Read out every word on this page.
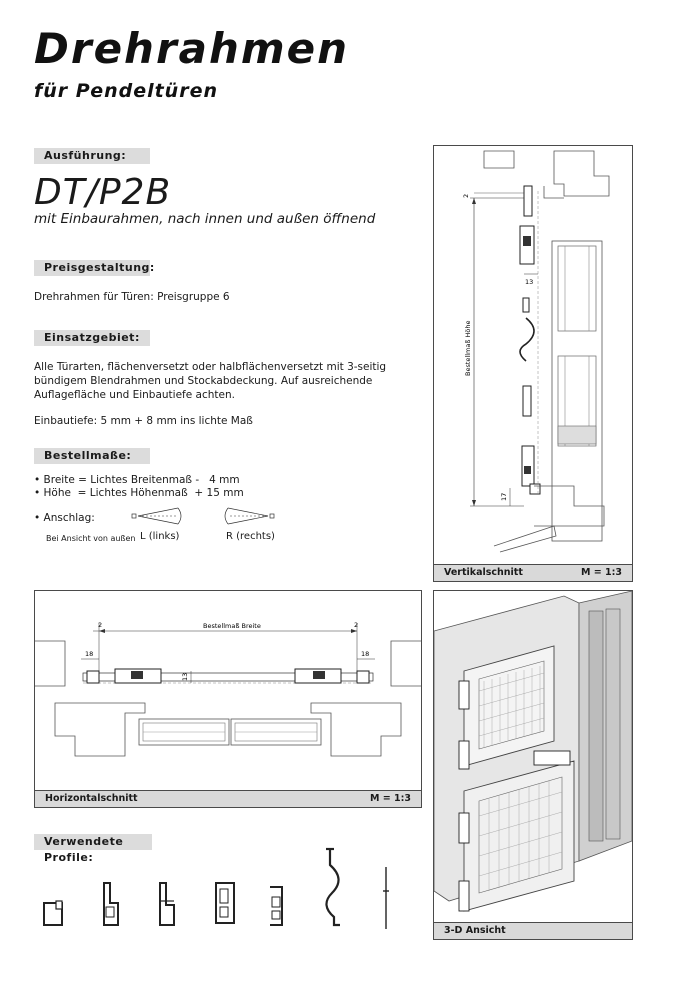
Drehrahmen
für Pendeltüren
Ausführung:
DT/P2B
mit Einbaurahmen, nach innen und außen öffnend
Preisgestaltung:
Drehrahmen für Türen: Preisgruppe 6
Einsatzgebiet:
Alle Türarten, flächenversetzt oder halbflächenversetzt mit 3-seitig
bündigem Blendrahmen und Stockabdeckung. Auf ausreichende
Auflagefläche und Einbautiefe achten.
Einbautiefe: 5 mm + 8 mm ins lichte Maß
Bestellmaße:
• Breite = Lichtes Breitenmaß -   4 mm
• Höhe  = Lichtes Höhenmaß  + 15 mm
• Anschlag:
Bei Ansicht von außen L (links)	R (rechts)
Bestellmaß Höhe
2
13
17
Vertikalschnitt	M = 1:3
Bestellmaß Breite
2	2
18	18
13
Horizontalschnitt	M = 1:3
3-D Ansicht
Verwendete Profile:
